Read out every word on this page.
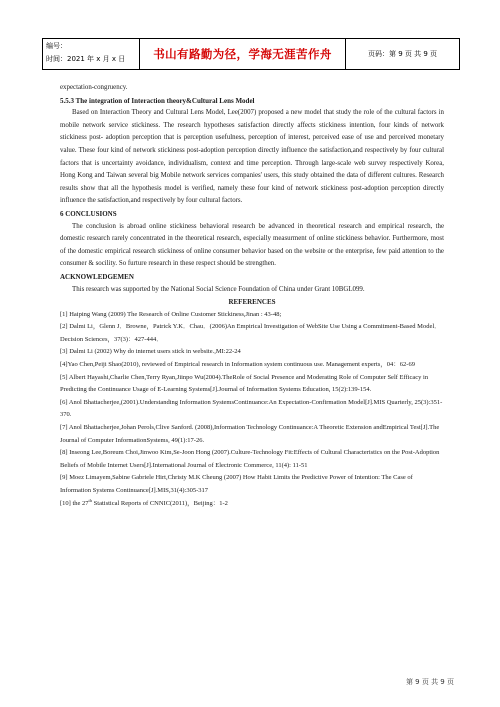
编号：
时间：2021 年 x 月 x 日	书山有路勤为径，学海无涯苦作舟	页码：第 9 页 共 9 页

expectation-congruency.

5.5.3 The integration of Interaction theory&Cultural Lens Model

Based on Interaction Theory and Cultural Lens Model, Lee(2007) proposed a new model that study the role of the cultural factors in mobile network service stickiness. The research hypotheses satisfaction directly affects stickiness intention, four kinds of network stickiness post- adoption perception that is perception usefulness, perception of interest, perceived ease of use and perceived monetary value. These four kind of network stickiness post-adoption perception directly influence the satisfaction,and respectively by four cultural factors that is uncertainty avoidance, individualism, context and time perception. Through large-scale web survey respectively Korea, Hong Kong and Taiwan several big Mobile network services companies' users, this study obtained the data of different cultures. Research results show that all the hypothesis model is verified, namely these four kind of network stickiness post-adoption perception directly influence the satisfaction,and respectively by four cultural factors.

6 CONCLUSIONS

The conclusion is abroad online stickiness behavioral research be advanced in theoretical research and empirical research, the domestic research rarely concentrated in the theoretical research, especially measurment of online stickiness behavior. Furthermore, most of the domestic empirical research stickiness of online consumer behavior based on the website or the enterprise, few paid attention to the consumer & socility. So furture research in these respect should be strengthen.

ACKNOWLEDGEMEN

This research was supported by the National Social Science Foundation of China under Grant 10BGL099.

REFERENCES

[1] Haiping Wang (2009) The Research of Online Customer Stickiness,Jinan : 43-48;

[2] Dalmi Li，Glenn J．Browne，Patrick Y.K．Chau．(2006)An Empirical Investigation of WebSite Use Using a Commitment-Based Model．Decision Sciences，37(3)：427-444．

[3] Dalmi Li (2002) Why do internet users stick in website.,MI:22-24

[4]Yao Chen,Peiji Shao(2010), reviewed of Empirical research in Information system continuous use. Management experts，04：62-69

[5] Albert Hayashi,Charlie Chen,Terry Ryan,Jiinpo Wu(2004).TheRole of Social Presence and Moderating Role of Computer Self Efficacy in Predicting the Continuance Usage of E-Learning Systems[J].Journal of Information Systems Education, 15(2):139-154.

[6] Anol Bhattacherjee,(2001).Understanding Information SystemsContinuance:An Expectation-Confirmation Model[J].MIS Quarterly, 25(3):351-370.

[7] Anol Bhattacherjee,Johan Perols,Clive Sanford. (2008),Information Technology Continuance:A Theoretic Extension andEmpirical Test[J].The Journal of Computer InformationSystems, 49(1):17-26.

[8] Inseong Lee,Boreum Choi,Jinwoo Kim,Se-Joon Hong (2007).Culture-Technology Fit:Effects of Cultural Characteristics on the Post-Adoption Beliefs of Mobile Internet Users[J].International Journal of Electronic Commerce, 11(4): 11-51

[9] Moez Limayem,Sabine Gabriele Hirt,Christy M.K Cheung (2007) How Habit Limits the Predictive Power of Intention: The Case of Information Systems Continuance[J].MIS,31(4):305-317

[10] the 27th Statistical Reports of CNNIC(2011)，Beijing：1-2

第 9 页 共 9 页
